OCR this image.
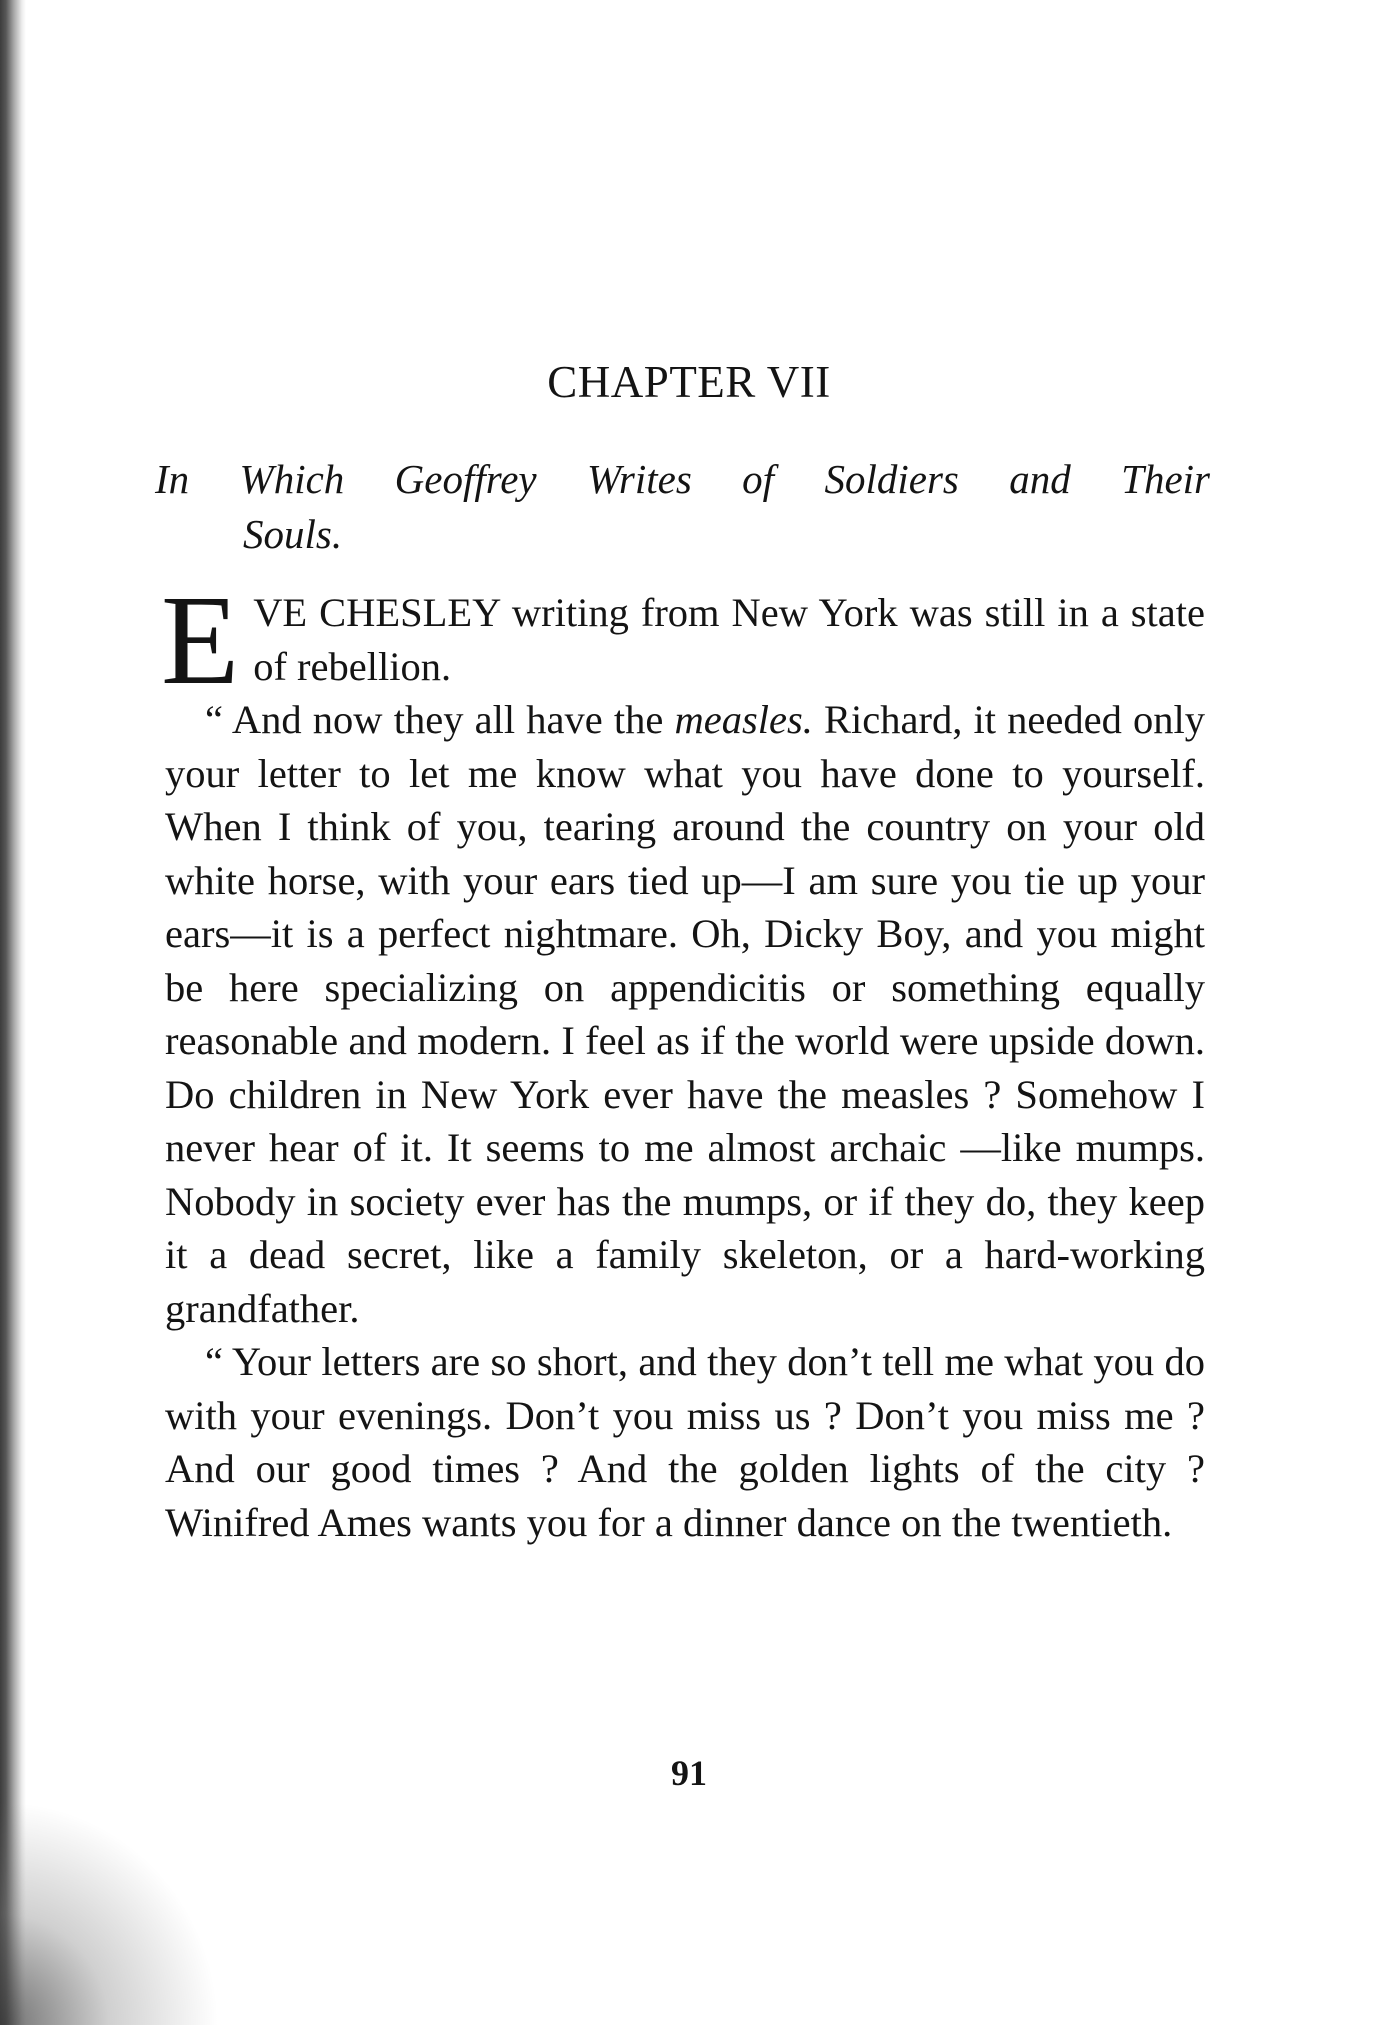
CHAPTER VII
In Which Geoffrey Writes of Soldiers and Their
Souls.

EVE CHESLEY writing from New York was still in a state of rebellion.

“ And now they all have the measles. Richard, it needed only your letter to let me know what you have done to yourself. When I think of you, tearing around the country on your old white horse, with your ears tied up—I am sure you tie up your ears—it is a perfect nightmare. Oh, Dicky Boy, and you might be here specializing on appendicitis or something equally reasonable and modern. I feel as if the world were upside down. Do children in New York ever have the measles ? Somehow I never hear of it. It seems to me almost archaic —like mumps. Nobody in society ever has the mumps, or if they do, they keep it a dead secret, like a family skeleton, or a hard-working grandfather.

“ Your letters are so short, and they don’t tell me what you do with your evenings. Don’t you miss us ? Don’t you miss me ? And our good times ? And the golden lights of the city ? Winifred Ames wants you for a dinner dance on the twentieth.

91
